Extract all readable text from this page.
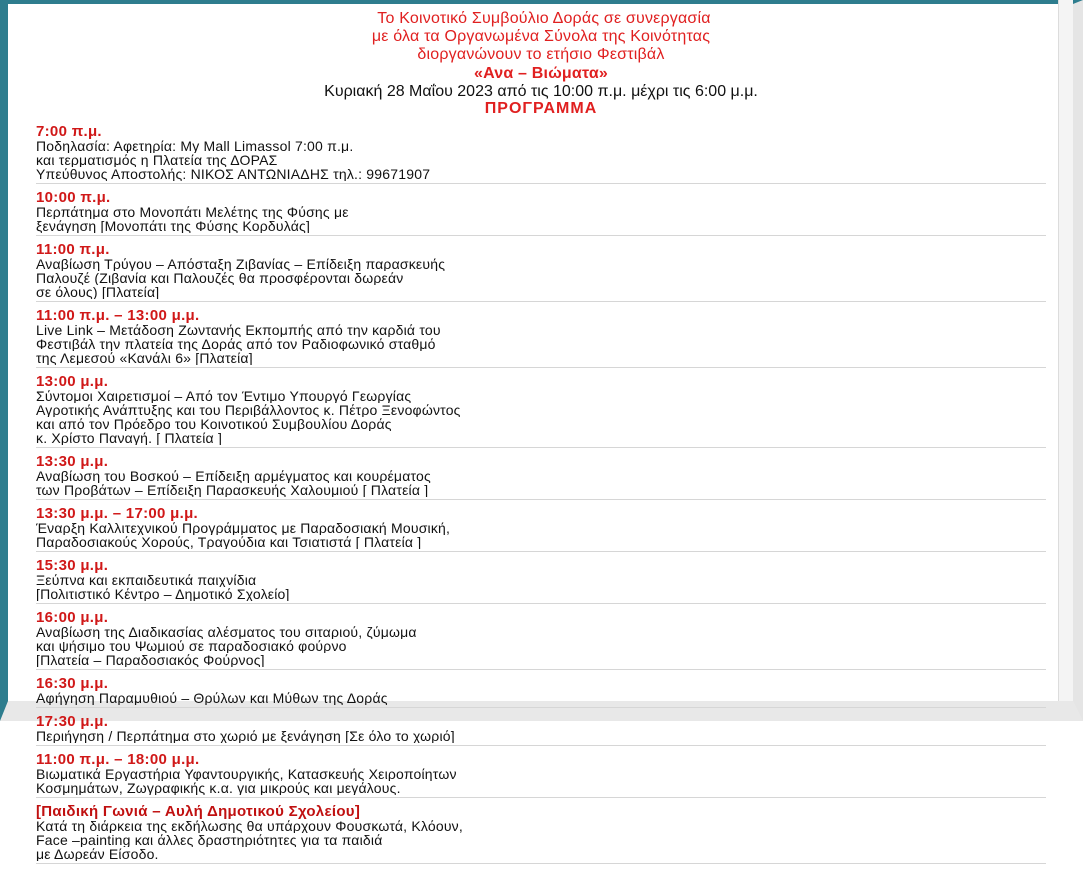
Το Κοινοτικό Συμβούλιο Δοράς σε συνεργασία
με όλα τα Οργανωμένα Σύνολα της Κοινότητας
διοργανώνουν το ετήσιο Φεστιβάλ
«Ανα – Βιώματα»
Κυριακή 28 Μαΐου 2023 από τις 10:00 π.μ. μέχρι τις 6:00 μ.μ.
ΠΡΟΓΡΑΜΜΑ
7:00 π.μ.
Ποδηλασία: Αφετηρία: My Mall Limassol 7:00 π.μ.
και τερματισμός η Πλατεία της ΔΟΡΑΣ
Υπεύθυνος Αποστολής: ΝΙΚΟΣ ΑΝΤΩΝΙΑΔΗΣ τηλ.: 99671907
10:00 π.μ.
Περπάτημα στο Μονοπάτι Μελέτης της Φύσης με
ξενάγηση [Μονοπάτι της Φύσης Κορδυλάς]
11:00 π.μ.
Αναβίωση Τρύγου – Απόσταξη Ζιβανίας – Επίδειξη παρασκευής
Παλουζέ (Ζιβανία και Παλουζές θα προσφέρονται δωρεάν
σε όλους) [Πλατεία]
11:00 π.μ. – 13:00 μ.μ.
Live Link – Μετάδοση Ζωντανής Εκπομπής από την καρδιά του
Φεστιβάλ την πλατεία της Δοράς από τον Ραδιοφωνικό σταθμό
της Λεμεσού «Κανάλι 6» [Πλατεία]
13:00 μ.μ.
Σύντομοι Χαιρετισμοί – Από τον Έντιμο Υπουργό Γεωργίας
Αγροτικής Ανάπτυξης και του Περιβάλλοντος κ. Πέτρο Ξενοφώντος
και από τον Πρόεδρο του Κοινοτικού Συμβουλίου Δοράς
κ. Χρίστο Παναγή. [ Πλατεία ]
13:30 μ.μ.
Αναβίωση του Βοσκού – Επίδειξη αρμέγματος και κουρέματος
των Προβάτων – Επίδειξη Παρασκευής Χαλουμιού [ Πλατεία ]
13:30 μ.μ. – 17:00 μ.μ.
Έναρξη Καλλιτεχνικού Προγράμματος με Παραδοσιακή Μουσική,
Παραδοσιακούς Χορούς, Τραγούδια και Τσιατιστά [ Πλατεία ]
15:30 μ.μ.
Ξεύπνα και εκπαιδευτικά παιχνίδια
[Πολιτιστικό Κέντρο – Δημοτικό Σχολείο]
16:00 μ.μ.
Αναβίωση της Διαδικασίας αλέσματος του σιταριού, ζύμωμα
και ψήσιμο του Ψωμιού σε παραδοσιακό φούρνο
[Πλατεία – Παραδοσιακός Φούρνος]
16:30 μ.μ.
Αφήγηση Παραμυθιού – Θρύλων και Μύθων της Δοράς
17:30 μ.μ.
Περιήγηση / Περπάτημα στο χωριό με ξενάγηση [Σε όλο το χωριό]
11:00 π.μ. – 18:00 μ.μ.
Βιωματικά Εργαστήρια Υφαντουργικής, Κατασκευής Χειροποίητων
Κοσμημάτων, Ζωγραφικής κ.α. για μικρούς και μεγάλους.
[Παιδική Γωνιά – Αυλή Δημοτικού Σχολείου]
Κατά τη διάρκεια της εκδήλωσης θα υπάρχουν Φουσκωτά, Κλόουν,
Face –painting και άλλες δραστηριότητες για τα παιδιά
με Δωρεάν Είσοδο.
